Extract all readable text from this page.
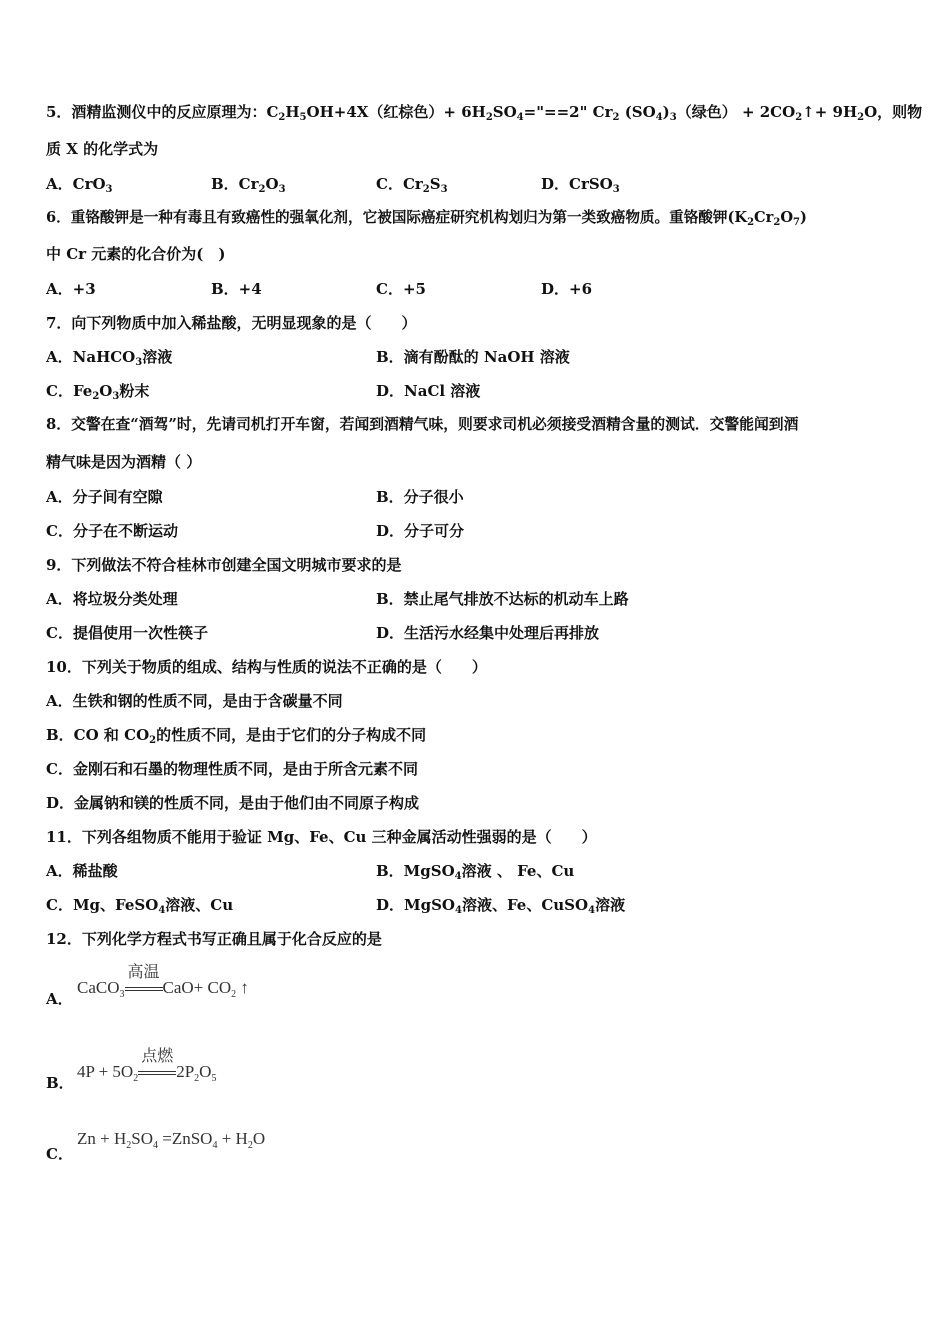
5．酒精监测仪中的反应原理为：$C_2H_5OH+4X$（红棕色）+ $6H_2SO_4="==2$" $Cr_2$ $(SO_4)_3$（绿色） + $2CO_2↑+ 9H_2O$，则物
质 X 的化学式为
A．CrO$_3$	B．$Cr_2O_3$	C．$Cr_2S_3$	D．CrSO$_3$
6．重铬酸钾是一种有毒且有致癌性的强氧化剂，它被国际癌症研究机构划归为第一类致癌物质。重铬酸钾$(K_2Cr_2O_7)$
中 Cr 元素的化合价为(　)
A．+3	B．+4	C．+5	D．+6
7．向下列物质中加入稀盐酸，无明显现象的是（　　）
A．NaHCO$_3$溶液	B．滴有酚酞的 NaOH 溶液
C．$Fe_2O_3$粉末	D．NaCl 溶液
8．交警在查“酒驾”时，先请司机打开车窗，若闻到酒精气味，则要求司机必须接受酒精含量的测试．交警能闻到酒
精气味是因为酒精（ ）
A．分子间有空隙	B．分子很小
C．分子在不断运动	D．分子可分
9．下列做法不符合桂林市创建全国文明城市要求的是
A．将垃圾分类处理	B．禁止尾气排放不达标的机动车上路
C．提倡使用一次性筷子	D．生活污水经集中处理后再排放
10．下列关于物质的组成、结构与性质的说法不正确的是（　　）
A．生铁和钢的性质不同，是由于含碳量不同
B．CO 和 $CO_2$的性质不同，是由于它们的分子构成不同
C．金刚石和石墨的物理性质不同，是由于所含元素不同
D．金属钠和镁的性质不同，是由于他们由不同原子构成
11．下列各组物质不能用于验证 Mg、Fe、Cu 三种金属活动性强弱的是（　　）
A．稀盐酸	B．MgSO$_4$溶液 、 Fe、Cu
C．Mg、FeSO$_4$溶液、Cu	D．MgSO$_4$溶液、Fe、CuSO$_4$溶液
12．下列化学方程式书写正确且属于化合反应的是
A．
CaCO$_3$
高温
$CaO+ CO_2$ ↑
B．
$4P + 5O_2$
点燃
$2P_2O_5$
C．
$Zn + H_2SO_4$ =ZnSO$_4$ + $H_2O$
